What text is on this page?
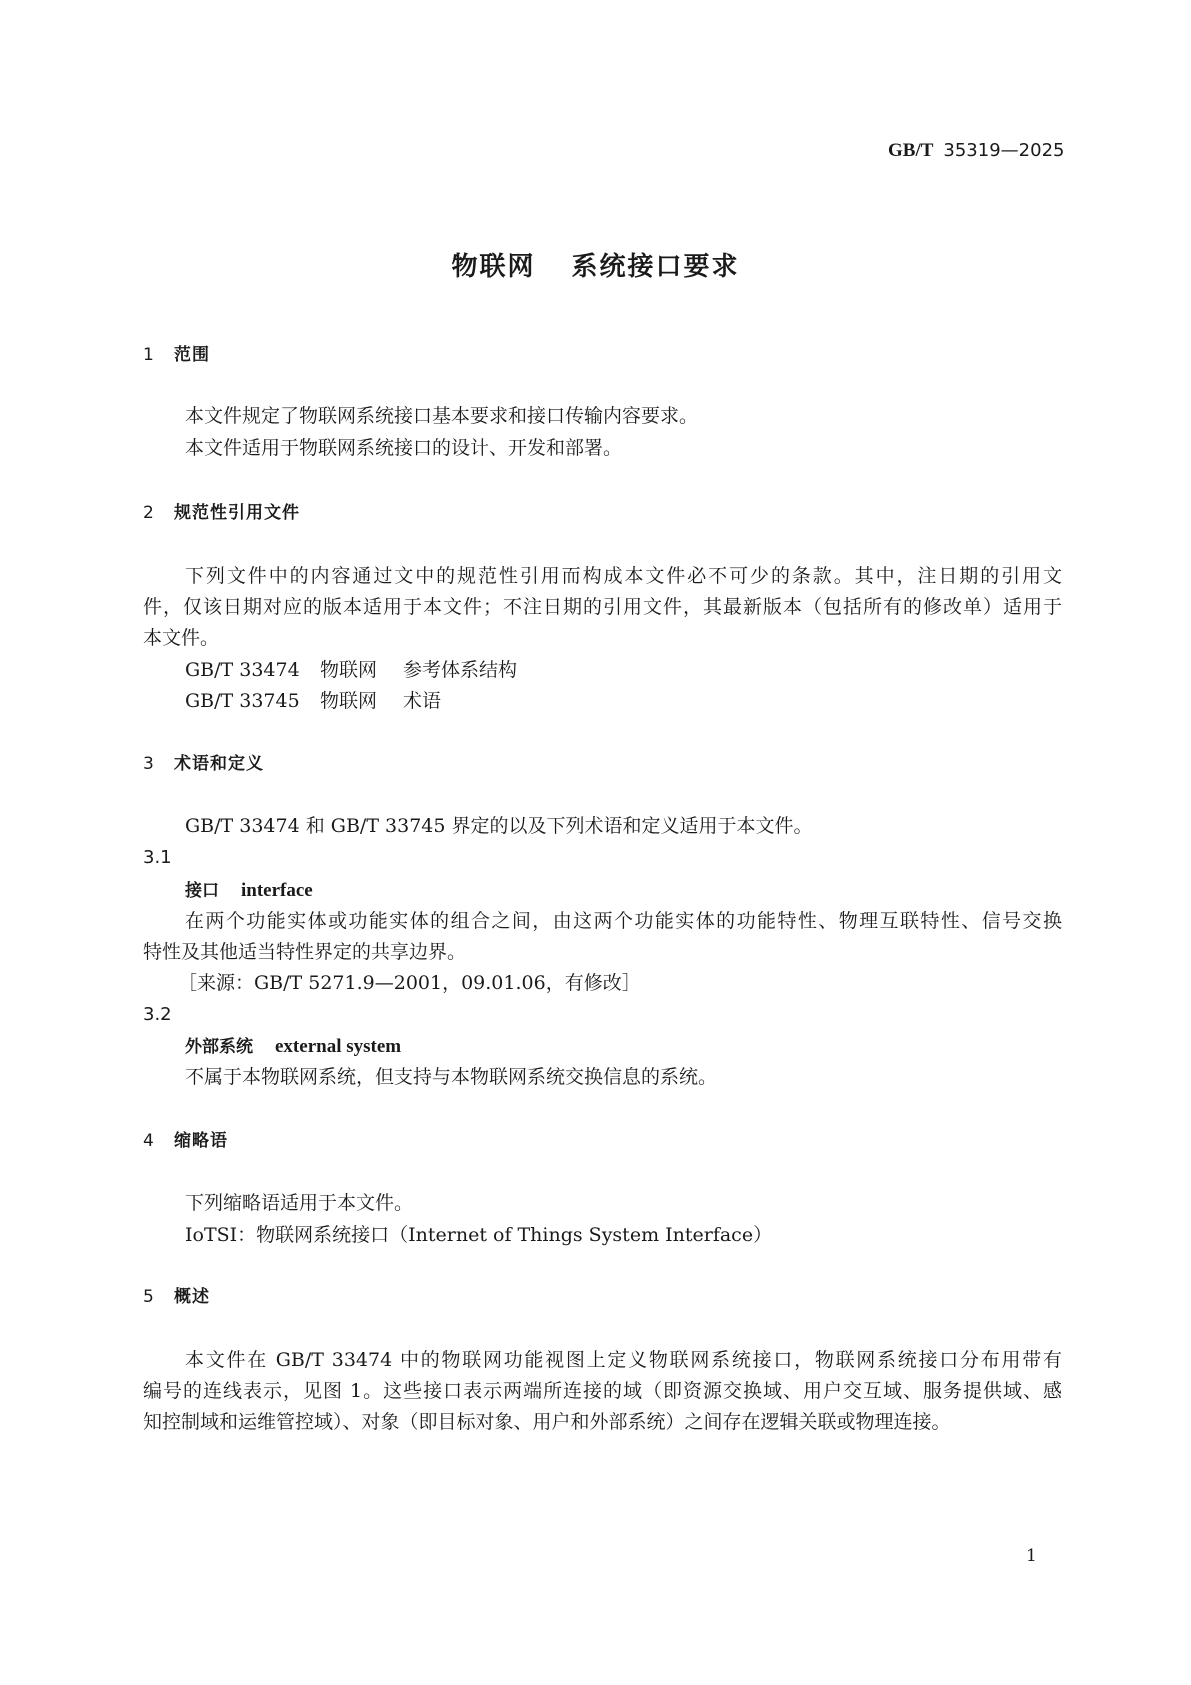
GB/T 35319—2025
物联网 系统接口要求
1 范围
本文件规定了物联网系统接口基本要求和接口传输内容要求。
本文件适用于物联网系统接口的设计、开发和部署。
2 规范性引用文件
下列文件中的内容通过文中的规范性引用而构成本文件必不可少的条款。其中，注日期的引用文
件，仅该日期对应的版本适用于本文件；不注日期的引用文件，其最新版本（包括所有的修改单）适用于
本文件。
GB/T 33474 物联网 参考体系结构
GB/T 33745 物联网 术语
3 术语和定义
GB/T 33474 和 GB/T 33745 界定的以及下列术语和定义适用于本文件。
3.1
接口 interface
在两个功能实体或功能实体的组合之间，由这两个功能实体的功能特性、物理互联特性、信号交换
特性及其他适当特性界定的共享边界。
［来源：GB/T 5271.9—2001，09.01.06，有修改］
3.2
外部系统 external system
不属于本物联网系统，但支持与本物联网系统交换信息的系统。
4 缩略语
下列缩略语适用于本文件。
IoTSI：物联网系统接口（Internet of Things System Interface）
5 概述
本文件在 GB/T 33474 中的物联网功能视图上定义物联网系统接口，物联网系统接口分布用带有
编号的连线表示，见图 1。这些接口表示两端所连接的域（即资源交换域、用户交互域、服务提供域、感
知控制域和运维管控域）、对象（即目标对象、用户和外部系统）之间存在逻辑关联或物理连接。
1
